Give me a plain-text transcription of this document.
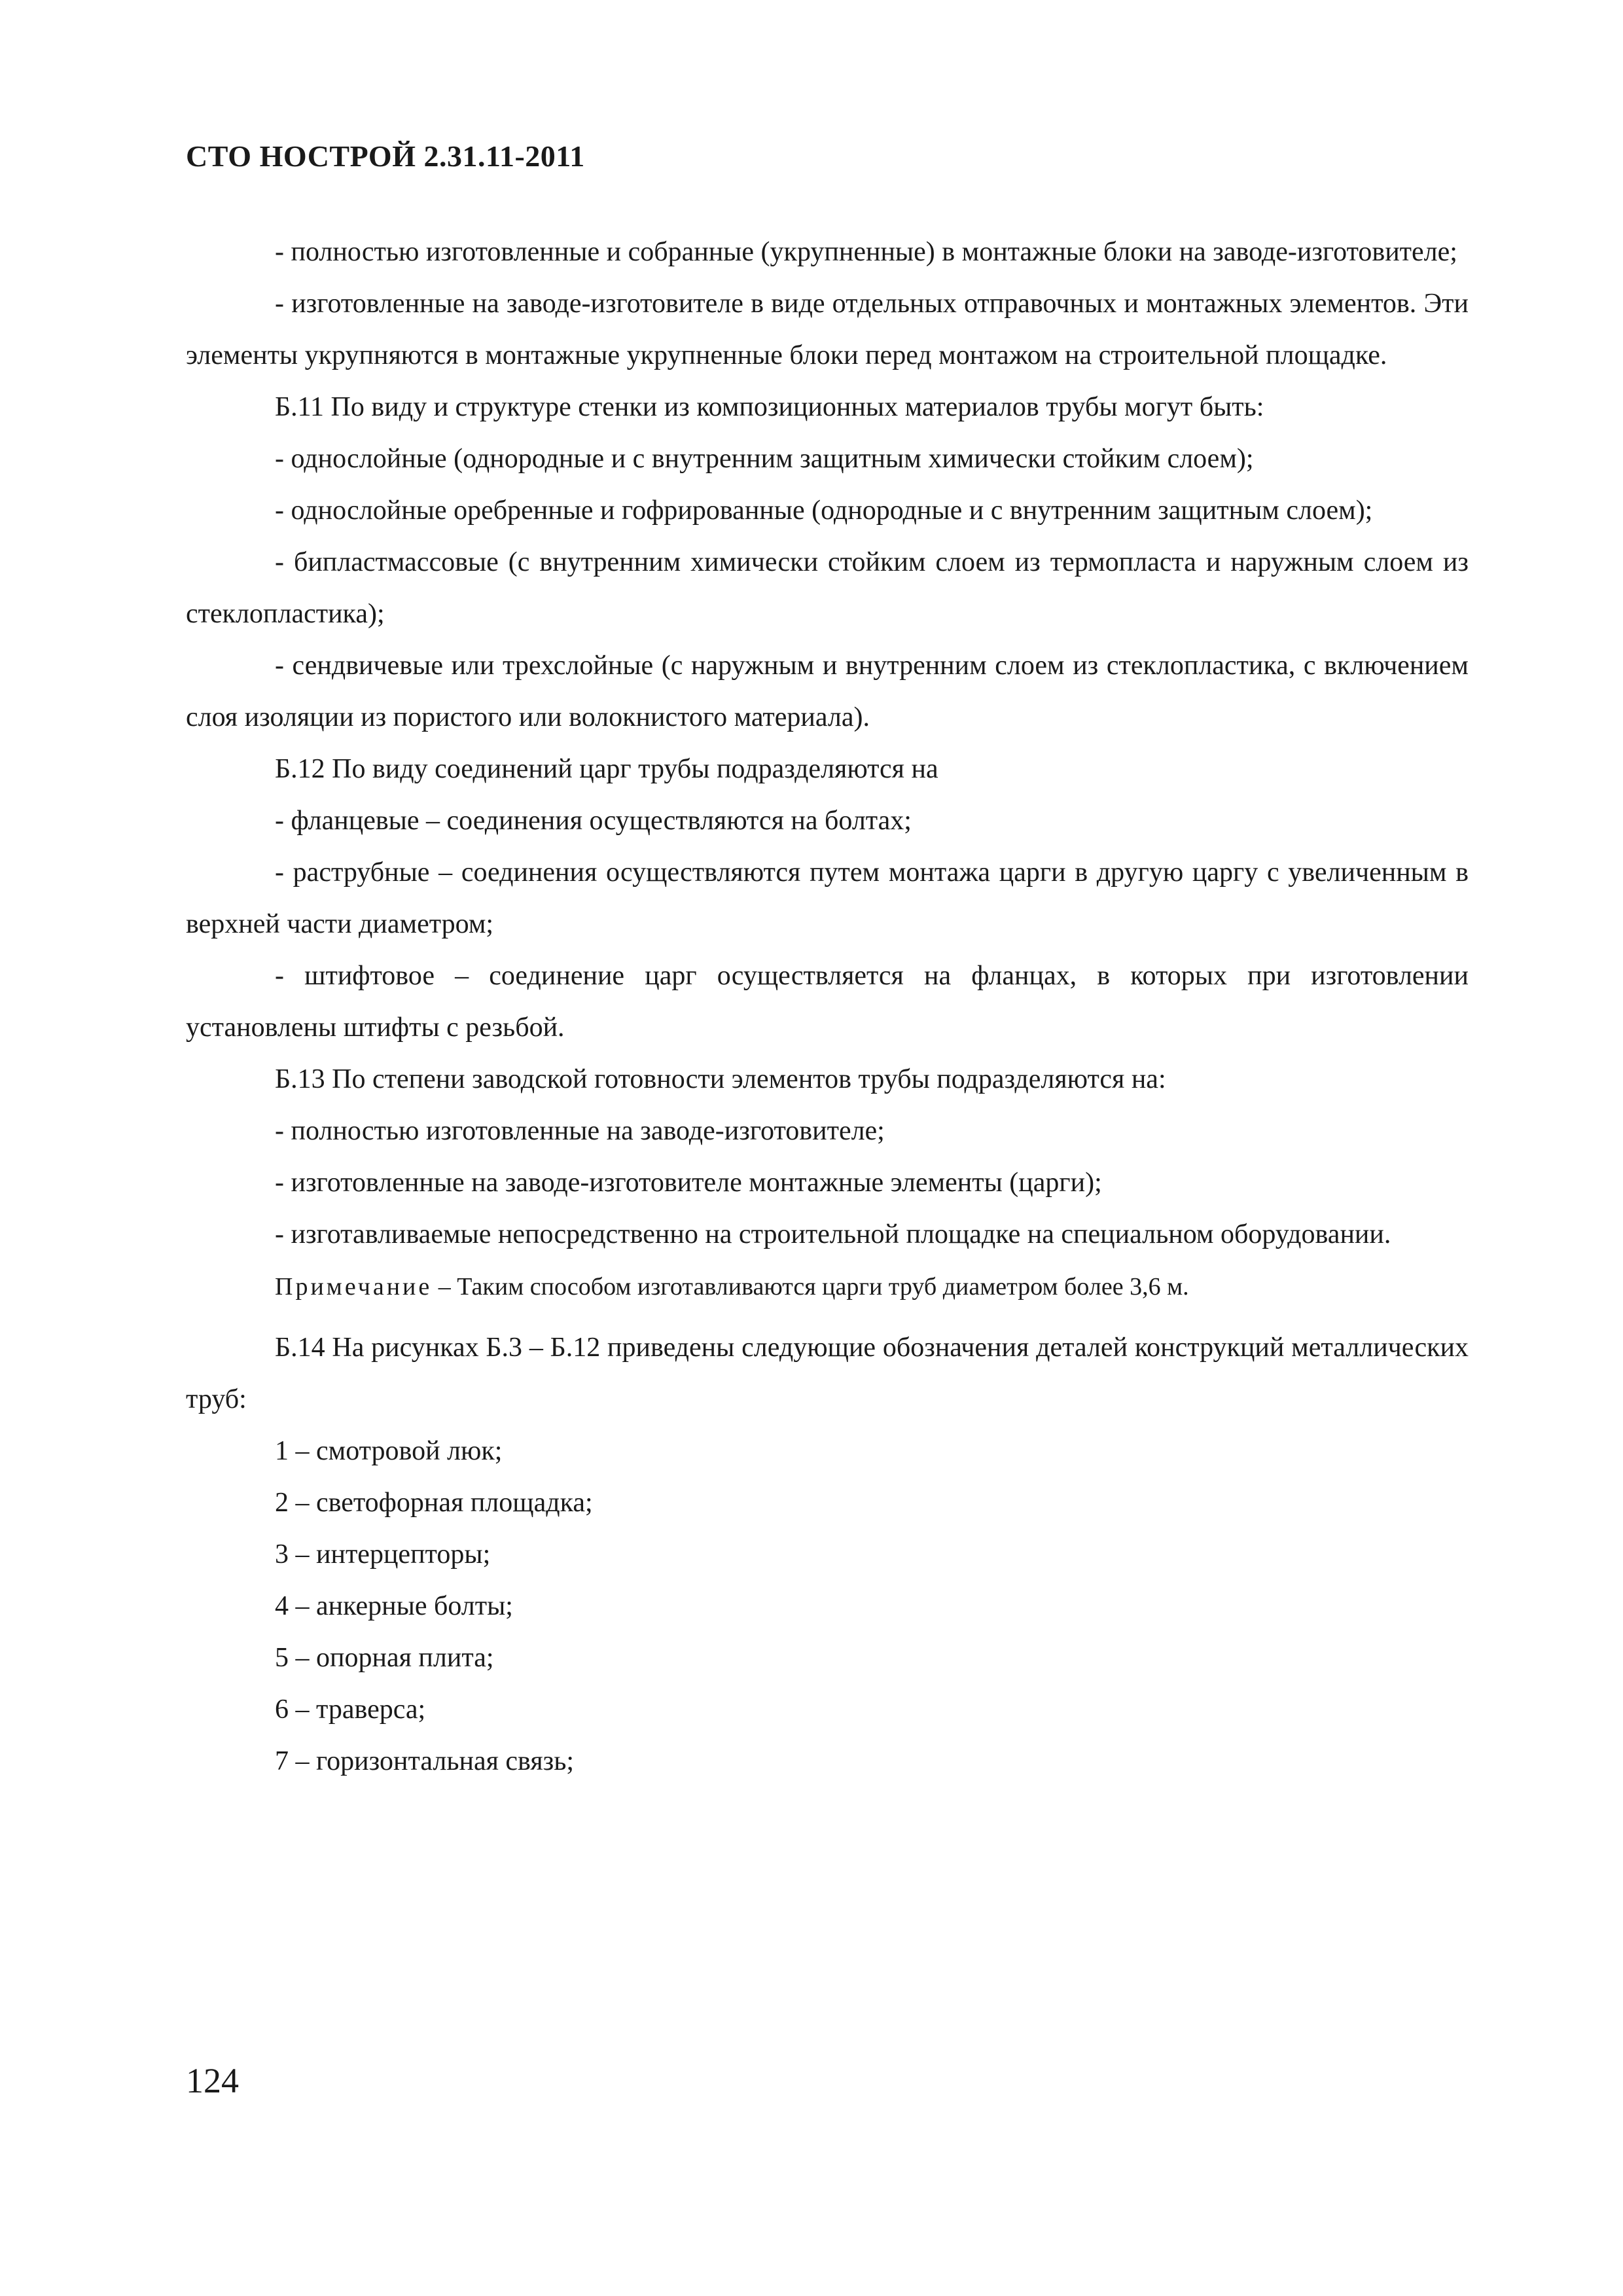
СТО НОСТРОЙ 2.31.11-2011

- полностью изготовленные и собранные (укрупненные) в монтажные блоки на заводе-изготовителе;

- изготовленные на заводе-изготовителе в виде отдельных отправочных и монтажных элементов. Эти элементы укрупняются в монтажные укрупненные блоки перед монтажом на строительной площадке.

Б.11 По виду и структуре стенки из композиционных материалов трубы могут быть:

- однослойные (однородные и с внутренним защитным химически стойким слоем);

- однослойные оребренные и гофрированные (однородные и с внутренним защитным слоем);

- бипластмассовые (с внутренним химически стойким слоем из термопласта и наружным слоем из стеклопластика);

- сендвичевые или трехслойные (с наружным и внутренним слоем из стеклопластика, с включением слоя изоляции из пористого или волокнистого материала).

Б.12 По виду соединений царг трубы подразделяются на

- фланцевые – соединения осуществляются на болтах;

- раструбные – соединения осуществляются путем монтажа царги в другую царгу с увеличенным в верхней части диаметром;

- штифтовое – соединение царг осуществляется на фланцах, в которых при изготовлении установлены штифты с резьбой.

Б.13 По степени заводской готовности элементов трубы подразделяются на:

- полностью изготовленные на заводе-изготовителе;

- изготовленные на заводе-изготовителе монтажные элементы (царги);

- изготавливаемые непосредственно на строительной площадке на специальном оборудовании.

Примечание – Таким способом изготавливаются царги труб диаметром более 3,6 м.

Б.14 На рисунках Б.3 – Б.12 приведены следующие обозначения деталей конструкций металлических труб:

1 – смотровой люк;

2 – светофорная площадка;

3 – интерцепторы;

4 – анкерные болты;

5 – опорная плита;

6 – траверса;

7 – горизонтальная связь;

124
